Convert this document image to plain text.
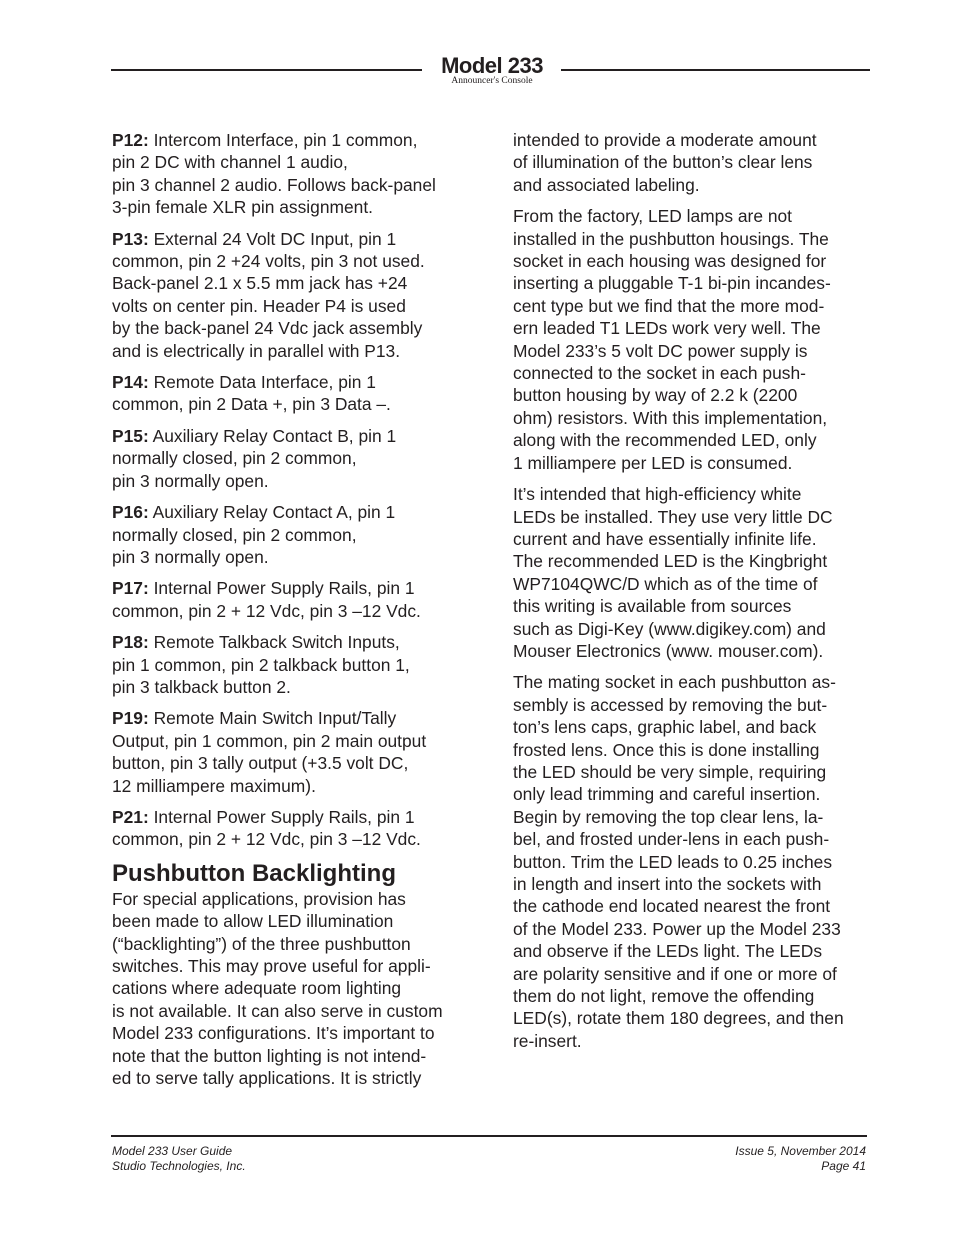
Model 233
Announcer's Console

P12: Intercom Interface, pin 1 common,
pin 2 DC with channel 1 audio,
pin 3 channel 2 audio. Follows back-panel
3-pin female XLR pin assignment.

P13: External 24 Volt DC Input, pin 1
common, pin 2 +24 volts, pin 3 not used.
Back-panel 2.1 x 5.5 mm jack has +24
volts on center pin. Header P4 is used
by the back-panel 24 Vdc jack assembly
and is electrically in parallel with P13.

P14: Remote Data Interface, pin 1
common, pin 2 Data +, pin 3 Data –.

P15: Auxiliary Relay Contact B, pin 1
normally closed, pin 2 common,
pin 3 normally open.

P16: Auxiliary Relay Contact A, pin 1
normally closed, pin 2 common,
pin 3 normally open.

P17: Internal Power Supply Rails, pin 1
common, pin 2 + 12 Vdc, pin 3 –12 Vdc.

P18: Remote Talkback Switch Inputs,
pin 1 common, pin 2 talkback button 1,
pin 3 talkback button 2.

P19: Remote Main Switch Input/Tally
Output, pin 1 common, pin 2 main output
button, pin 3 tally output (+3.5 volt DC,
12 milliampere maximum).

P21: Internal Power Supply Rails, pin 1
common, pin 2 + 12 Vdc, pin 3 –12 Vdc.

Pushbutton Backlighting

For special applications, provision has
been made to allow LED illumination
(“backlighting”) of the three pushbutton
switches. This may prove useful for appli-
cations where adequate room lighting
is not available. It can also serve in custom
Model 233 configurations. It’s important to
note that the button lighting is not intend-
ed to serve tally applications. It is strictly

intended to provide a moderate amount
of illumination of the button’s clear lens
and associated labeling.

From the factory, LED lamps are not
installed in the pushbutton housings. The
socket in each housing was designed for
inserting a pluggable T-1 bi-pin incandes-
cent type but we find that the more mod-
ern leaded T1 LEDs work very well. The
Model 233’s 5 volt DC power supply is
connected to the socket in each push-
button housing by way of 2.2 k (2200
ohm) resistors. With this implementation,
along with the recommended LED, only
1 milliampere per LED is consumed.

It’s intended that high-efficiency white
LEDs be installed. They use very little DC
current and have essentially infinite life.
The recommended LED is the Kingbright
WP7104QWC/D which as of the time of
this writing is available from sources
such as Digi-Key (www.digikey.com) and
Mouser Electronics (www. mouser.com).

The mating socket in each pushbutton as-
sembly is accessed by removing the but-
ton’s lens caps, graphic label, and back
frosted lens. Once this is done installing
the LED should be very simple, requiring
only lead trimming and careful insertion.
Begin by removing the top clear lens, la-
bel, and frosted under-lens in each push-
button. Trim the LED leads to 0.25 inches
in length and insert into the sockets with
the cathode end located nearest the front
of the Model 233. Power up the Model 233
and observe if the LEDs light. The LEDs
are polarity sensitive and if one or more of
them do not light, remove the offending
LED(s), rotate them 180 degrees, and then
re-insert.

Model 233 User Guide
Studio Technologies, Inc.
Issue 5, November 2014
Page 41
